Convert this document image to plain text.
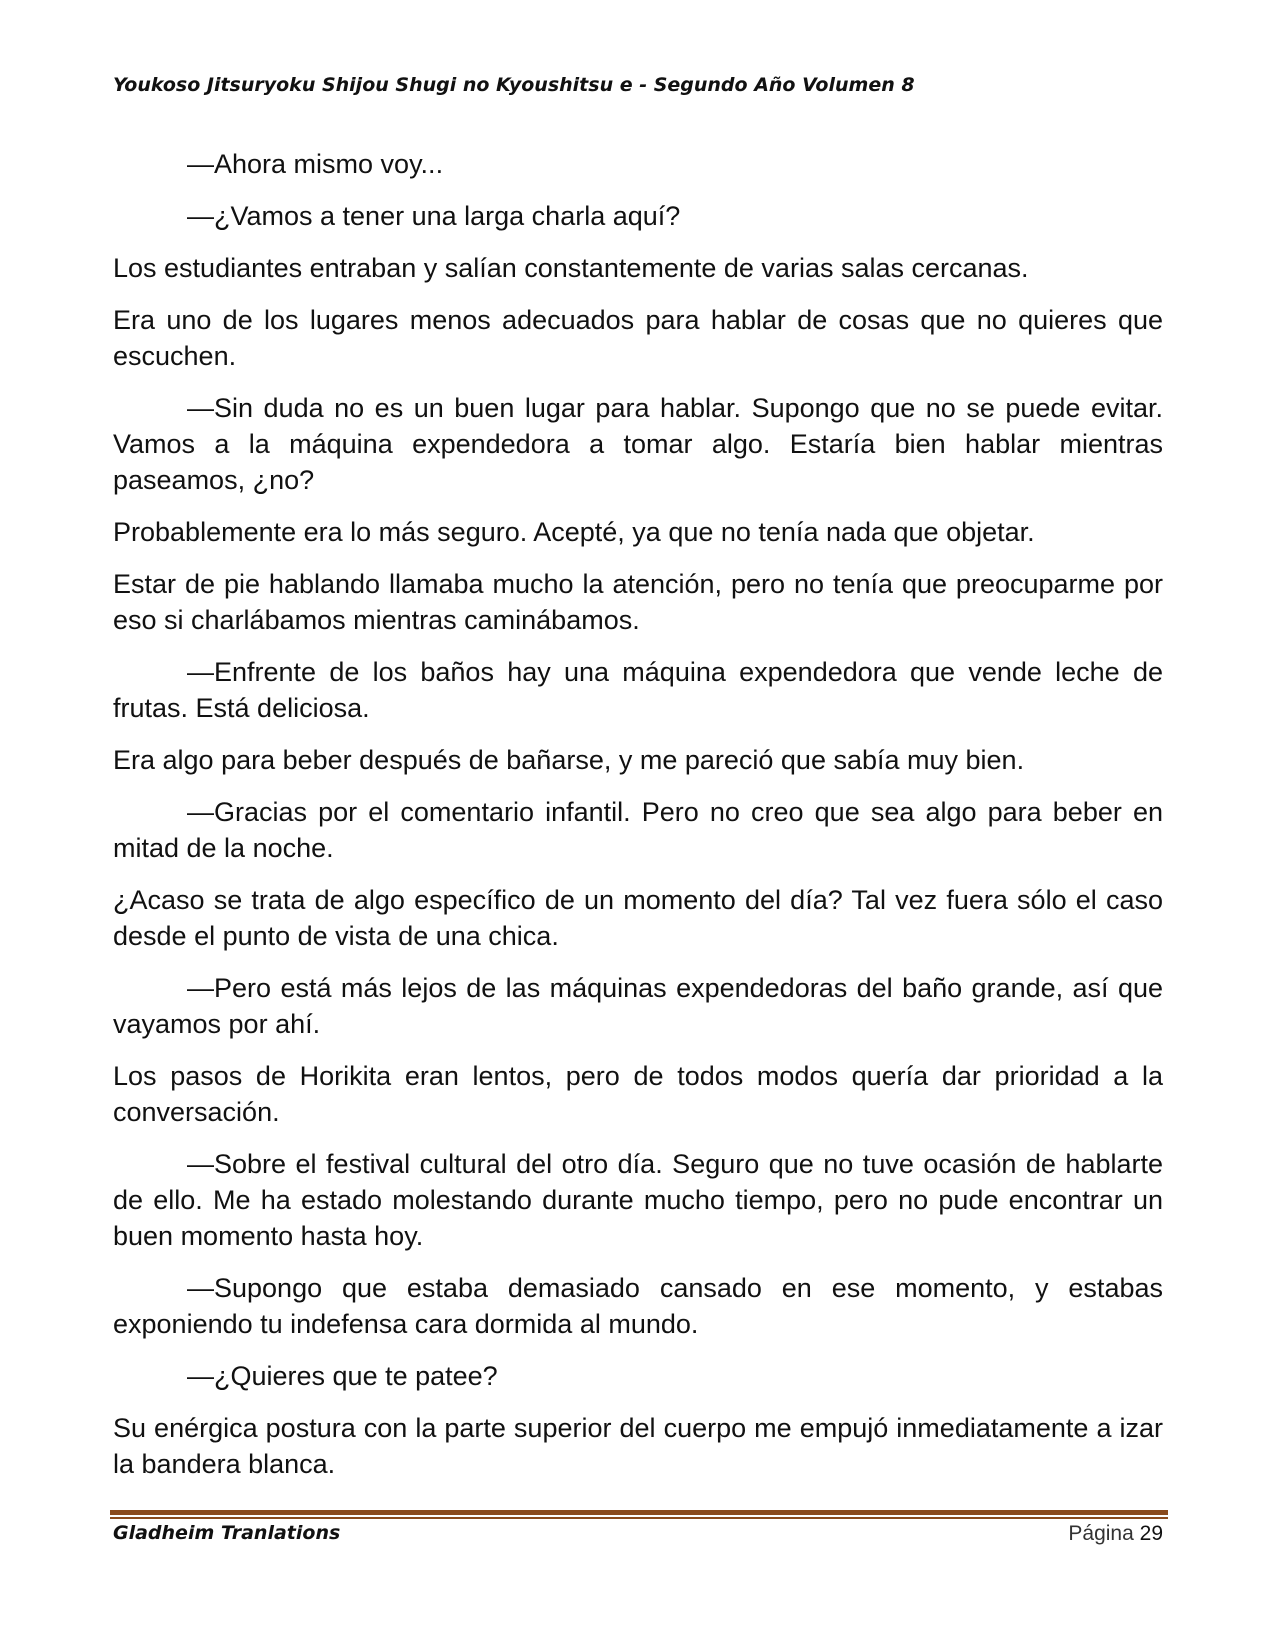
Youkoso Jitsuryoku Shijou Shugi no Kyoushitsu e - Segundo Año Volumen 8

—Ahora mismo voy...

—¿Vamos a tener una larga charla aquí?

Los estudiantes entraban y salían constantemente de varias salas cercanas.

Era uno de los lugares menos adecuados para hablar de cosas que no quieres que escuchen.

—Sin duda no es un buen lugar para hablar. Supongo que no se puede evitar. Vamos a la máquina expendedora a tomar algo. Estaría bien hablar mientras paseamos, ¿no?

Probablemente era lo más seguro. Acepté, ya que no tenía nada que objetar.

Estar de pie hablando llamaba mucho la atención, pero no tenía que preocuparme por eso si charlábamos mientras caminábamos.

—Enfrente de los baños hay una máquina expendedora que vende leche de frutas. Está deliciosa.

Era algo para beber después de bañarse, y me pareció que sabía muy bien.

—Gracias por el comentario infantil. Pero no creo que sea algo para beber en mitad de la noche.

¿Acaso se trata de algo específico de un momento del día? Tal vez fuera sólo el caso desde el punto de vista de una chica.

—Pero está más lejos de las máquinas expendedoras del baño grande, así que vayamos por ahí.

Los pasos de Horikita eran lentos, pero de todos modos quería dar prioridad a la conversación.

—Sobre el festival cultural del otro día. Seguro que no tuve ocasión de hablarte de ello. Me ha estado molestando durante mucho tiempo, pero no pude encontrar un buen momento hasta hoy.

—Supongo que estaba demasiado cansado en ese momento, y estabas exponiendo tu indefensa cara dormida al mundo.

—¿Quieres que te patee?

Su enérgica postura con la parte superior del cuerpo me empujó inmediatamente a izar la bandera blanca.

Gladheim Tranlations	Página 29
